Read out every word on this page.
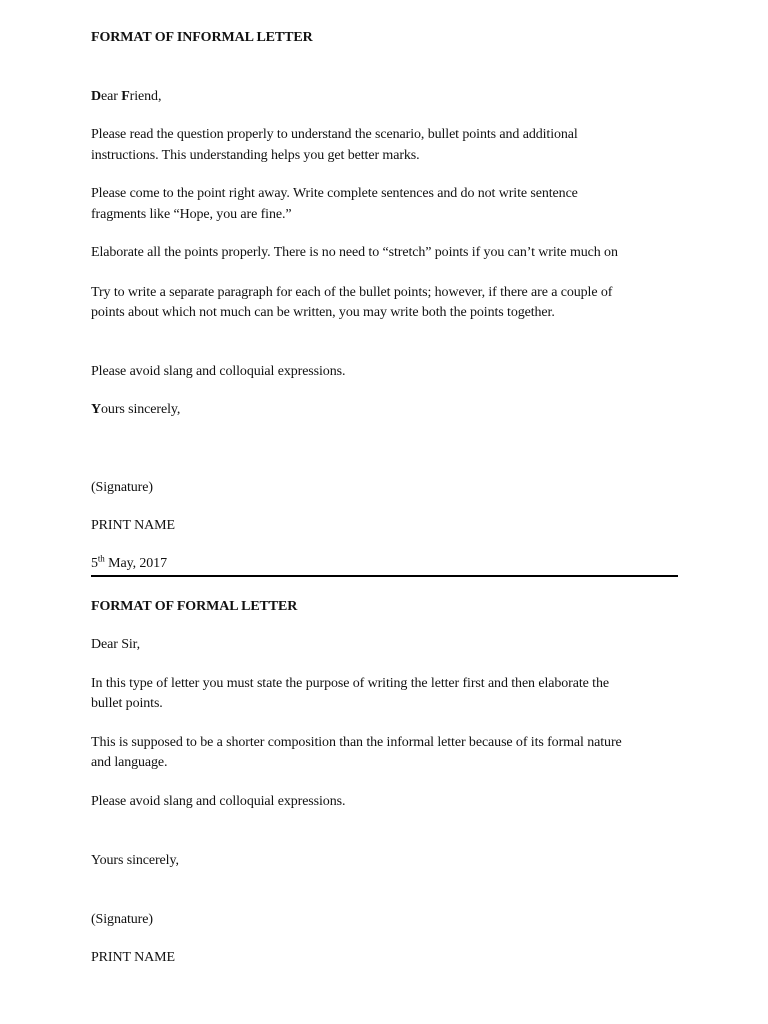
FORMAT OF INFORMAL LETTER
Dear Friend,
Please read the question properly to understand the scenario, bullet points and additional
instructions. This understanding helps you get better marks.
Please come to the point right away. Write complete sentences and do not write sentence
fragments like “Hope, you are fine.”
Elaborate all the points properly. There is no need to “stretch” points if you can’t write much on
Try to write a separate paragraph for each of the bullet points; however, if there are a couple of
points about which not much can be written, you may write both the points together.
Please avoid slang and colloquial expressions.
Yours sincerely,
(Signature)
PRINT NAME
5th May, 2017
FORMAT OF FORMAL LETTER
Dear Sir,
In this type of letter you must state the purpose of writing the letter first and then elaborate the
bullet points.
This is supposed to be a shorter composition than the informal letter because of its formal nature
and language.
Please avoid slang and colloquial expressions.
Yours sincerely,
(Signature)
PRINT NAME
